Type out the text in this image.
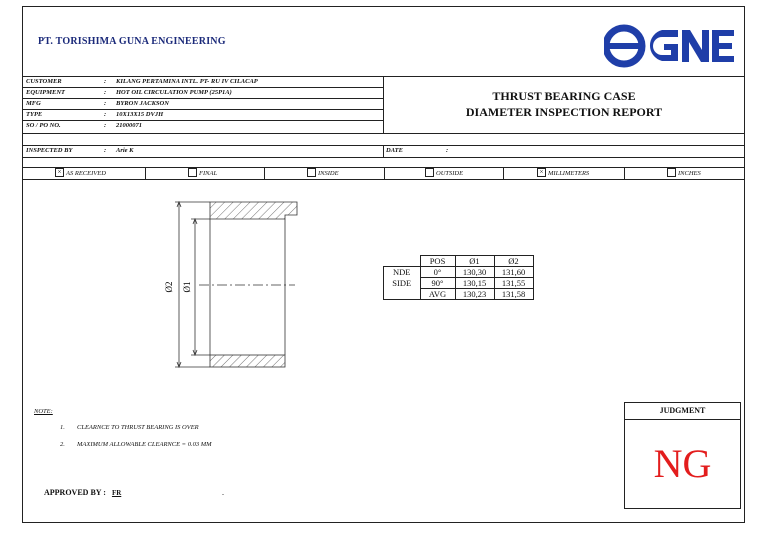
PT. TORISHIMA GUNA ENGINEERING
CUSTOMER	: KILANG PERTAMINA INTL. PT- RU IV CILACAP
EQUIPMENT	: HOT OIL CIRCULATION PUMP (25P1A)
MFG	: BYRON JACKSON
TYPE	: 10X13X15 DVJH
SO / PO NO.	: 21000071
THRUST BEARING CASE
DIAMETER INSPECTION REPORT
INSPECTED BY	: Arie K	DATE	:
× AS RECEIVED	FINAL	INSIDE	OUTSIDE	× MILLIMETERS	INCHES
Ø2 Ø1
	POS	Ø1	Ø2
NDE	0°	130,30	131,60
SIDE	90°	130,15	131,55
	AVG	130,23	131,58
NOTE:
1. CLEARNCE TO THRUST BEARING IS OVER
2. MAXIMUM ALLOWABLE CLEARNCE = 0.03 MM
APPROVED BY : FR	.
JUDGMENT
NG
